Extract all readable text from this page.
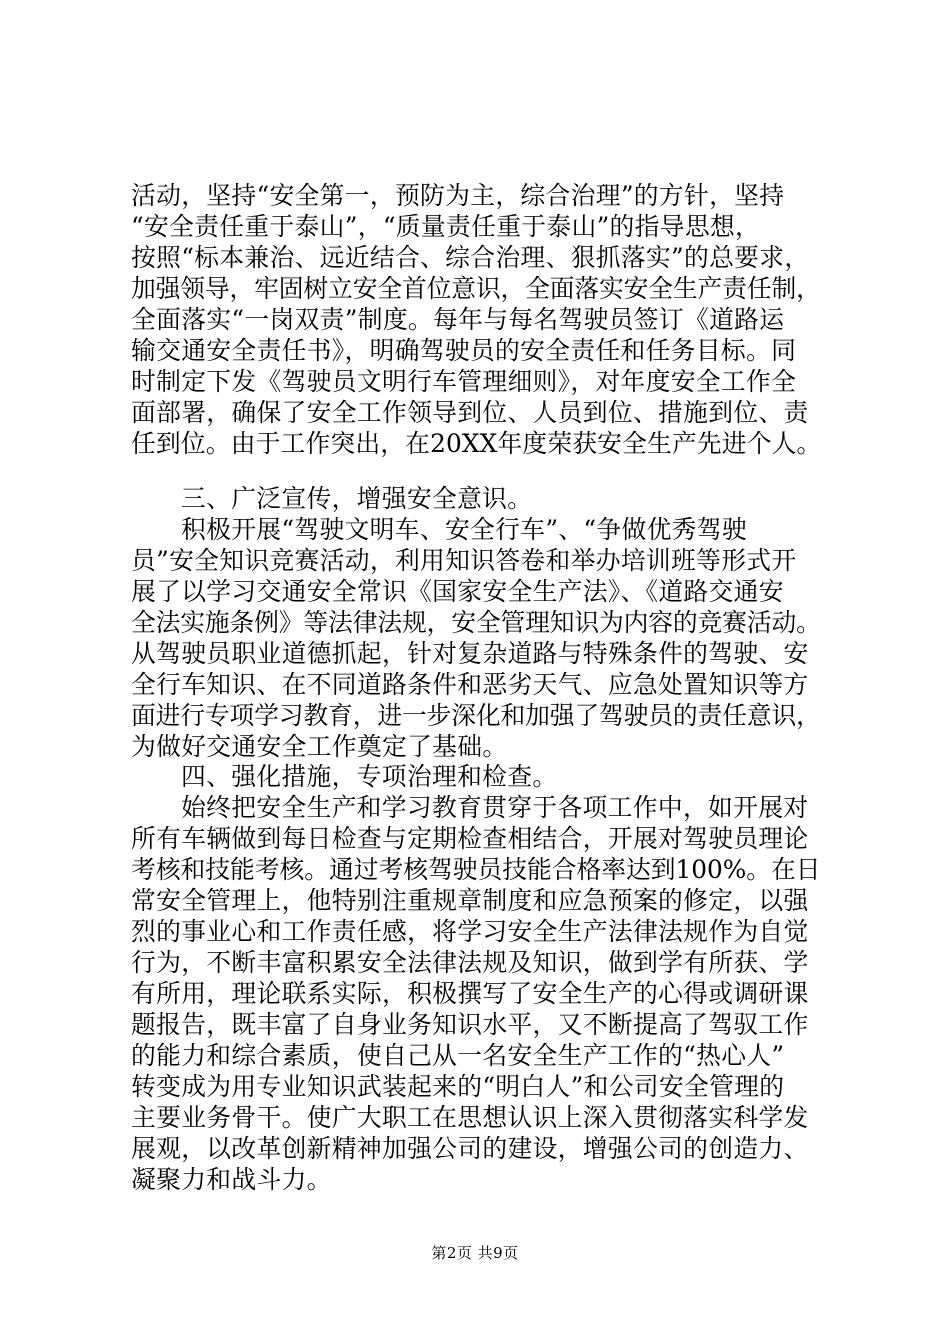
活动，坚持“安全第一，预防为主，综合治理”的方针，坚持
“安全责任重于泰山”，“质量责任重于泰山”的指导思想，
按照“标本兼治、远近结合、综合治理、狠抓落实”的总要求，
加强领导，牢固树立安全首位意识，全面落实安全生产责任制，
全面落实“一岗双责”制度。每年与每名驾驶员签订《道路运
输交通安全责任书》，明确驾驶员的安全责任和任务目标。同
时制定下发《驾驶员文明行车管理细则》，对年度安全工作全
面部署，确保了安全工作领导到位、人员到位、措施到位、责
任到位。由于工作突出，在20XX年度荣获安全生产先进个人。
三、广泛宣传，增强安全意识。
积极开展“驾驶文明车、安全行车”、“争做优秀驾驶
员”安全知识竞赛活动，利用知识答卷和举办培训班等形式开
展了以学习交通安全常识《国家安全生产法》、《道路交通安
全法实施条例》等法律法规，安全管理知识为内容的竞赛活动。
从驾驶员职业道德抓起，针对复杂道路与特殊条件的驾驶、安
全行车知识、在不同道路条件和恶劣天气、应急处置知识等方
面进行专项学习教育，进一步深化和加强了驾驶员的责任意识，
为做好交通安全工作奠定了基础。
四、强化措施，专项治理和检查。
始终把安全生产和学习教育贯穿于各项工作中，如开展对
所有车辆做到每日检查与定期检查相结合，开展对驾驶员理论
考核和技能考核。通过考核驾驶员技能合格率达到100%。在日
常安全管理上，他特别注重规章制度和应急预案的修定，以强
烈的事业心和工作责任感，将学习安全生产法律法规作为自觉
行为，不断丰富积累安全法律法规及知识，做到学有所获、学
有所用，理论联系实际，积极撰写了安全生产的心得或调研课
题报告，既丰富了自身业务知识水平，又不断提高了驾驭工作
的能力和综合素质，使自己从一名安全生产工作的“热心人”
转变成为用专业知识武装起来的“明白人”和公司安全管理的
主要业务骨干。使广大职工在思想认识上深入贯彻落实科学发
展观，以改革创新精神加强公司的建设，增强公司的创造力、
凝聚力和战斗力。
第2页 共9页
